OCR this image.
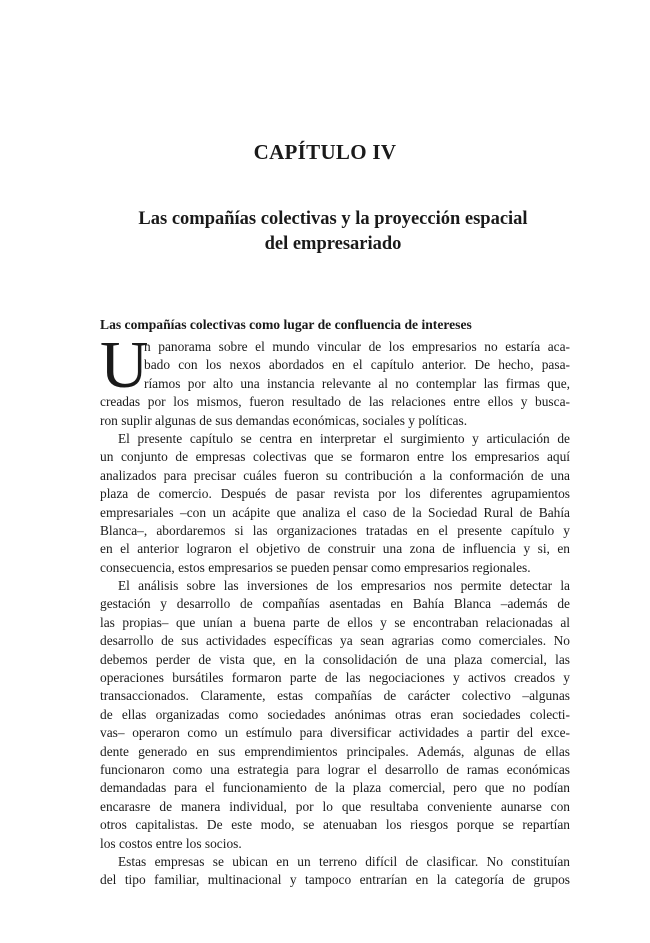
CAPÍTULO IV
Las compañías colectivas y la proyección espacial
del empresariado
Las compañías colectivas como lugar de confluencia de intereses
U
n panorama sobre el mundo vincular de los empresarios no estaría aca-
bado con los nexos abordados en el capítulo anterior. De hecho, pasa-
ríamos por alto una instancia relevante al no contemplar las firmas que,
creadas por los mismos, fueron resultado de las relaciones entre ellos y busca-
ron suplir algunas de sus demandas económicas, sociales y políticas.
El presente capítulo se centra en interpretar el surgimiento y articulación de
un conjunto de empresas colectivas que se formaron entre los empresarios aquí
analizados para precisar cuáles fueron su contribución a la conformación de una
plaza de comercio. Después de pasar revista por los diferentes agrupamientos
empresariales –con un acápite que analiza el caso de la Sociedad Rural de Bahía
Blanca–, abordaremos si las organizaciones tratadas en el presente capítulo y
en el anterior lograron el objetivo de construir una zona de influencia y si, en
consecuencia, estos empresarios se pueden pensar como empresarios regionales.
El análisis sobre las inversiones de los empresarios nos permite detectar la
gestación y desarrollo de compañías asentadas en Bahía Blanca –además de
las propias– que unían a buena parte de ellos y se encontraban relacionadas al
desarrollo de sus actividades específicas ya sean agrarias como comerciales. No
debemos perder de vista que, en la consolidación de una plaza comercial, las
operaciones bursátiles formaron parte de las negociaciones y activos creados y
transaccionados. Claramente, estas compañías de carácter colectivo –algunas
de ellas organizadas como sociedades anónimas otras eran sociedades colecti-
vas– operaron como un estímulo para diversificar actividades a partir del exce-
dente generado en sus emprendimientos principales. Además, algunas de ellas
funcionaron como una estrategia para lograr el desarrollo de ramas económicas
demandadas para el funcionamiento de la plaza comercial, pero que no podían
encarasre de manera individual, por lo que resultaba conveniente aunarse con
otros capitalistas. De este modo, se atenuaban los riesgos porque se repartían
los costos entre los socios.
Estas empresas se ubican en un terreno difícil de clasificar. No constituían
del tipo familiar, multinacional y tampoco entrarían en la categoría de grupos
